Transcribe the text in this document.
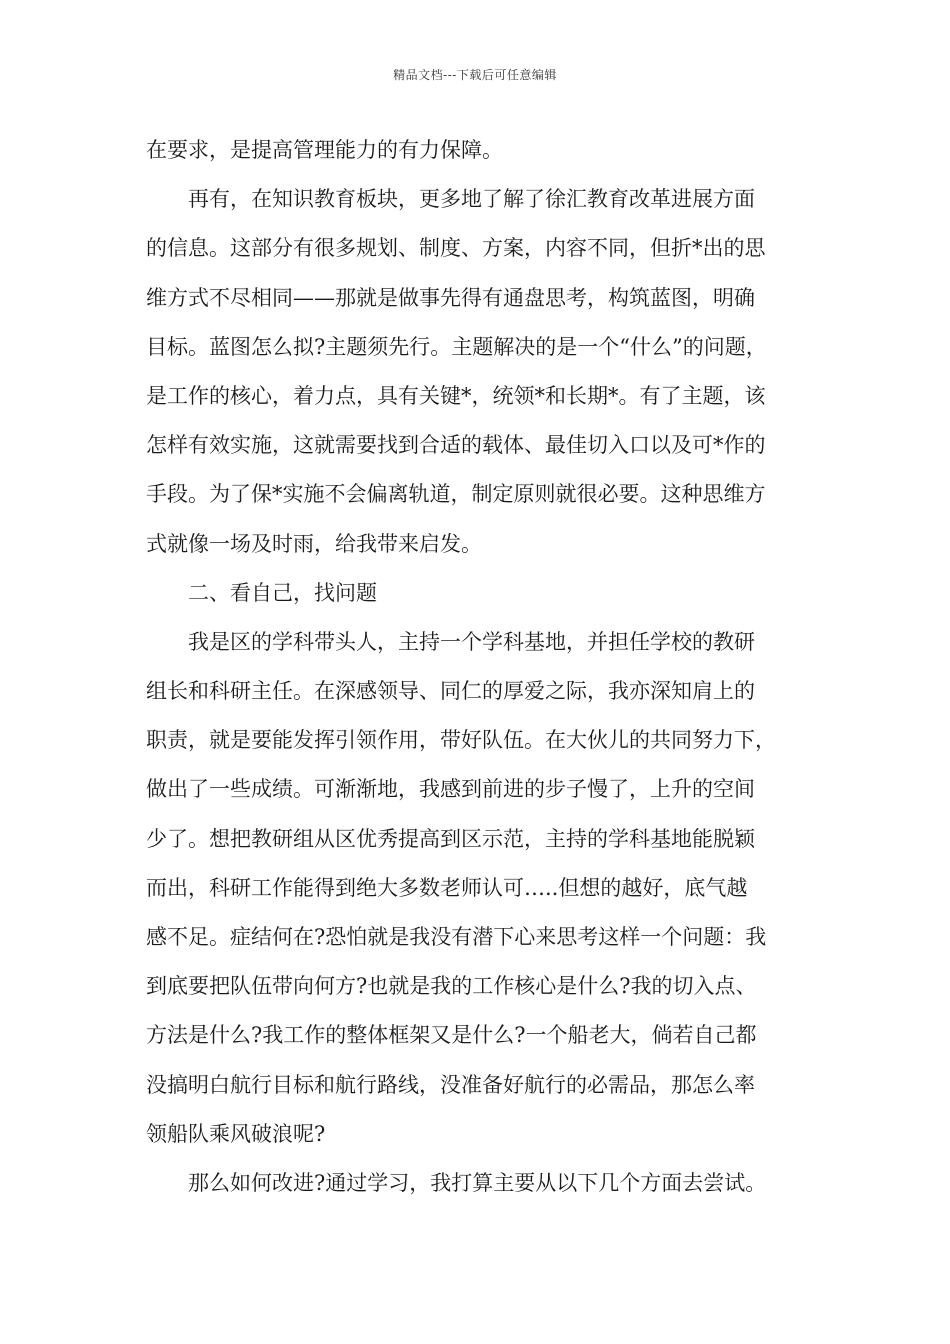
精品文档---下载后可任意编辑
在要求，是提高管理能力的有力保障。
再有，在知识教育板块，更多地了解了徐汇教育改革进展方面
的信息。这部分有很多规划、制度、方案，内容不同，但折*出的思
维方式不尽相同——那就是做事先得有通盘思考，构筑蓝图，明确
目标。蓝图怎么拟?主题须先行。主题解决的是一个“什么”的问题，
是工作的核心，着力点，具有关键*，统领*和长期*。有了主题，该
怎样有效实施，这就需要找到合适的载体、最佳切入口以及可*作的
手段。为了保*实施不会偏离轨道，制定原则就很必要。这种思维方
式就像一场及时雨，给我带来启发。
二、看自己，找问题
我是区的学科带头人，主持一个学科基地，并担任学校的教研
组长和科研主任。在深感领导、同仁的厚爱之际，我亦深知肩上的
职责，就是要能发挥引领作用，带好队伍。在大伙儿的共同努力下，
做出了一些成绩。可渐渐地，我感到前进的步子慢了，上升的空间
少了。想把教研组从区优秀提高到区示范，主持的学科基地能脱颖
而出，科研工作能得到绝大多数老师认可…..但想的越好，底气越
感不足。症结何在?恐怕就是我没有潜下心来思考这样一个问题：我
到底要把队伍带向何方?也就是我的工作核心是什么?我的切入点、
方法是什么?我工作的整体框架又是什么?一个船老大，倘若自己都
没搞明白航行目标和航行路线，没准备好航行的必需品，那怎么率
领船队乘风破浪呢?
那么如何改进?通过学习，我打算主要从以下几个方面去尝试。
